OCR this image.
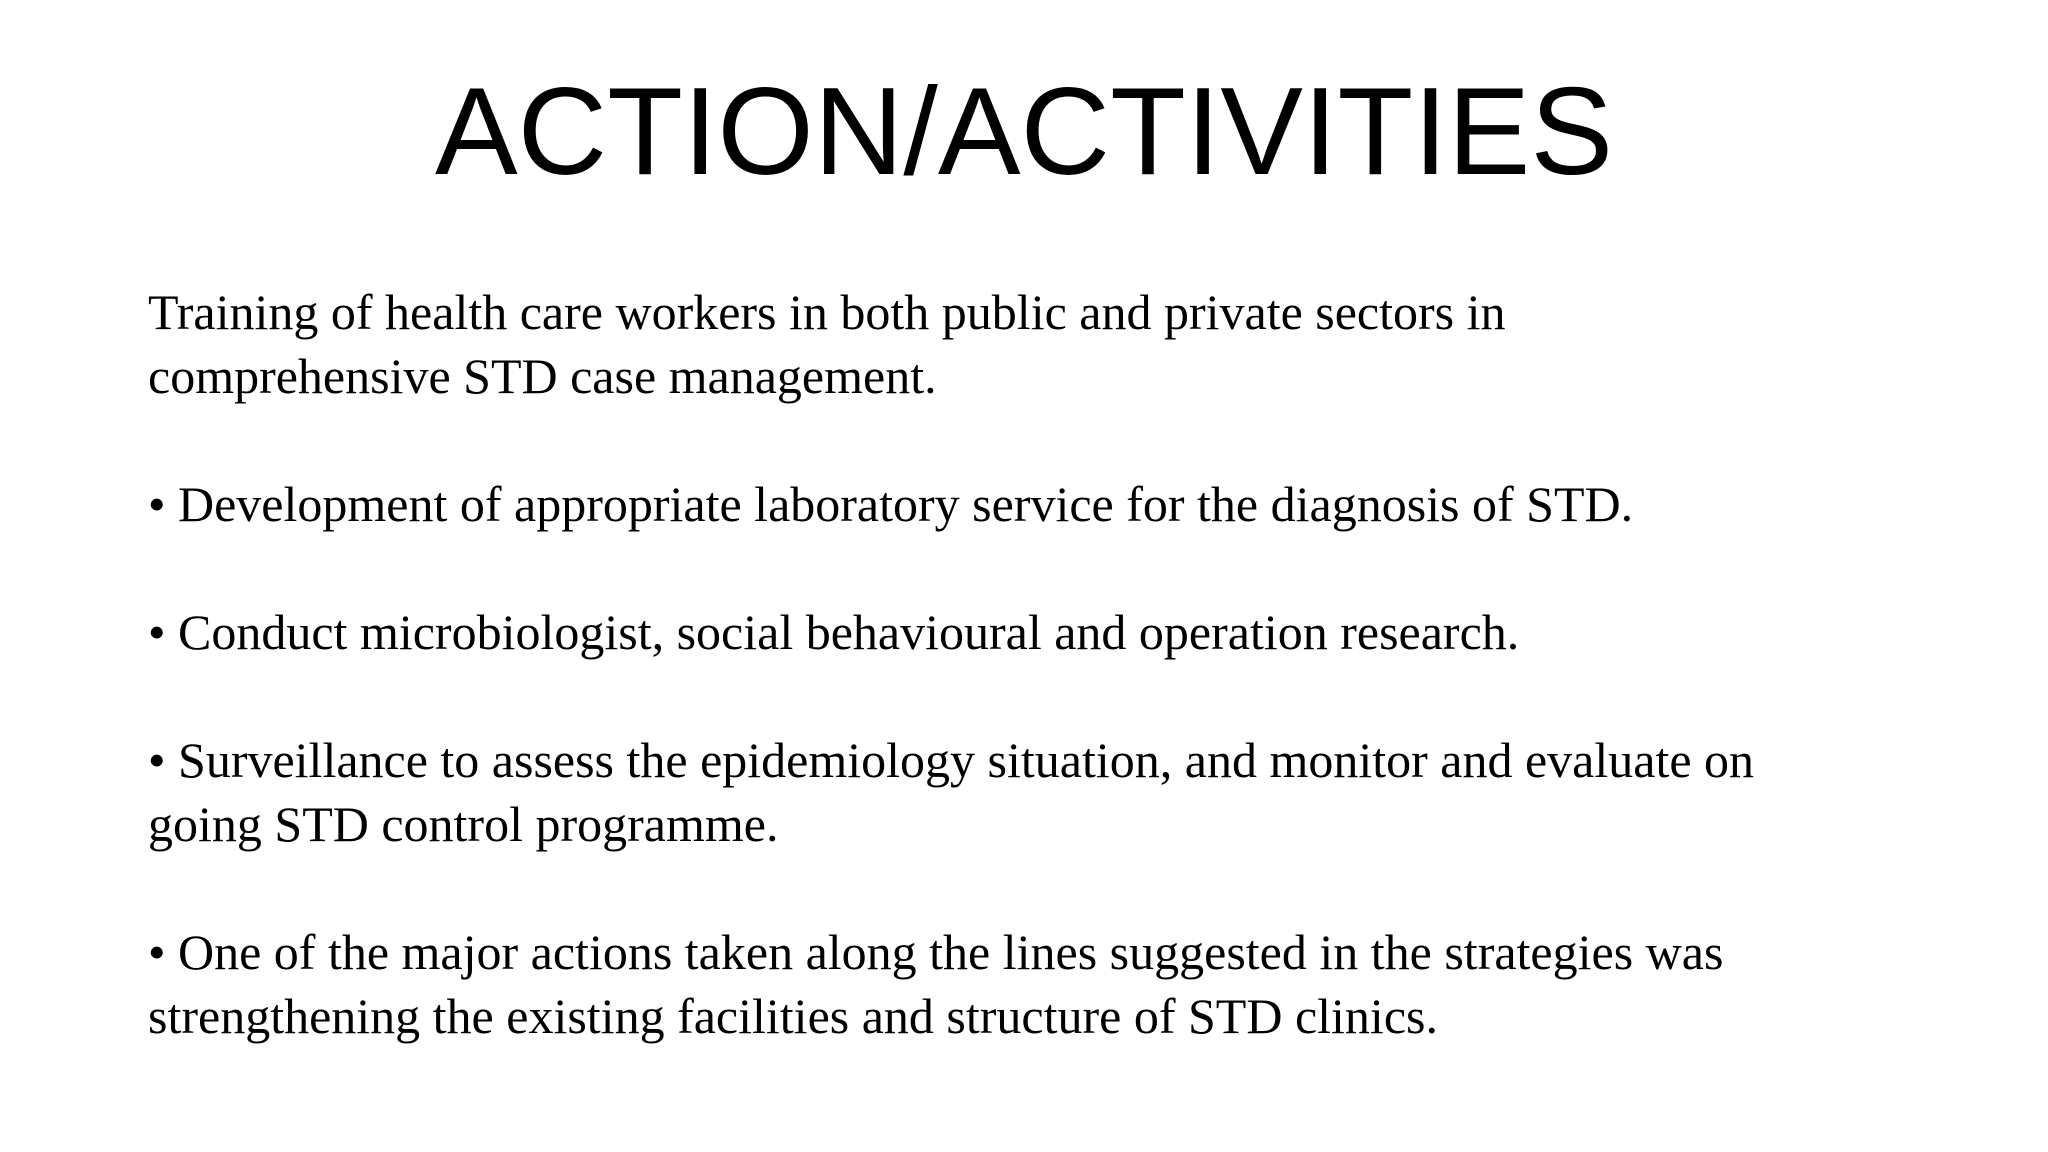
ACTION/ACTIVITIES

Training of health care workers in both public and private sectors in
comprehensive STD case management.

• Development of appropriate laboratory service for the diagnosis of STD.

• Conduct microbiologist, social behavioural and operation research.

• Surveillance to assess the epidemiology situation, and monitor and evaluate on
going STD control programme.

• One of the major actions taken along the lines suggested in the strategies was
strengthening the existing facilities and structure of STD clinics.
